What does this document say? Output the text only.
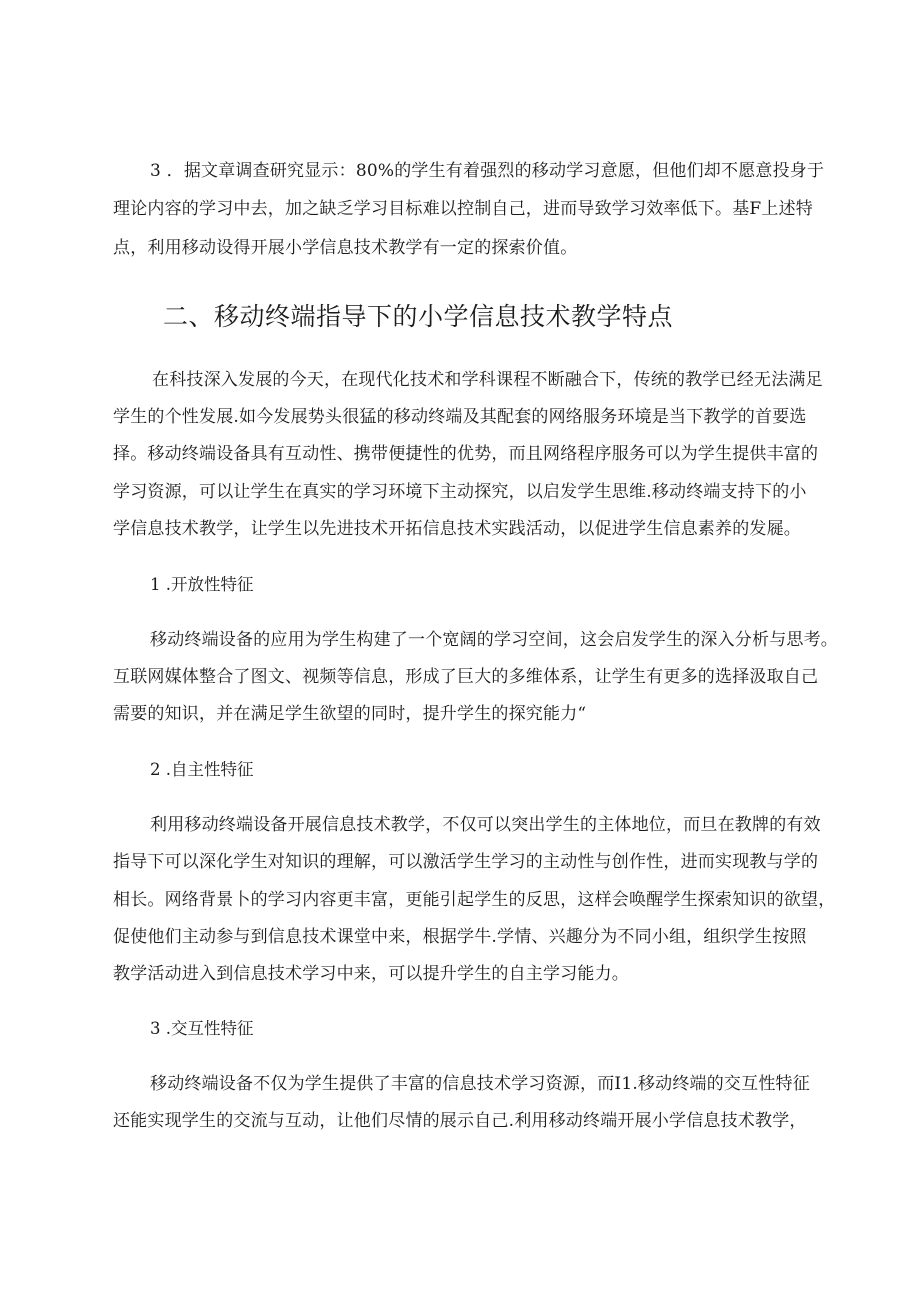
3 ．据文章调查研究显示：80%的学生有着强烈的移动学习意愿，但他们却不愿意投身于
理论内容的学习中去，加之缺乏学习目标难以控制自己，进而导致学习效率低下。基F上述特
点，利用移动设得开展小学信息技术教学有一定的探索价值。
二、移动终端指导下的小学信息技术教学特点
在科技深入发展的今天，在现代化技术和学科课程不断融合下，传统的教学已经无法满足
学生的个性发展.如今发展势头很猛的移动终端及其配套的网络服务环境是当下教学的首要选
择。移动终端设备具有互动性、携带便捷性的优势，而且网络程序服务可以为学生提供丰富的
学习资源，可以让学生在真实的学习环境下主动探究，以启发学生思维.移动终端支持下的小
学信息技术教学，让学生以先进技术开拓信息技术实践活动，以促进学生信息素养的发屣。
1 .开放性特征
移动终端设备的应用为学生构建了一个宽阔的学习空间，这会启发学生的深入分析与思考。
互联网媒体整合了图文、视频等信息，形成了巨大的多维体系，让学生有更多的选择汲取自己
需要的知识，并在满足学生欲望的同时，提升学生的探究能力“
2 .自主性特征
利用移动终端设备开展信息技术教学，不仅可以突出学生的主体地位，而旦在教牌的有效
指导下可以深化学生对知识的理解，可以激活学生学习的主动性与创作性，进而实现教与学的
相长。网络背景卜的学习内容更丰富，更能引起学生的反思，这样会唤醒学生探索知识的欲望，
促使他们主动参与到信息技术课堂中来，根据学牛.学情、兴趣分为不同小组，组织学生按照
教学活动进入到信息技术学习中来，可以提升学生的自主学习能力。
3 .交互性特征
移动终端设备不仅为学生提供了丰富的信息技术学习资源，而I1.移动终端的交互性特征
还能实现学生的交流与互动，让他们尽情的展示自己.利用移动终端开展小学信息技术教学，
